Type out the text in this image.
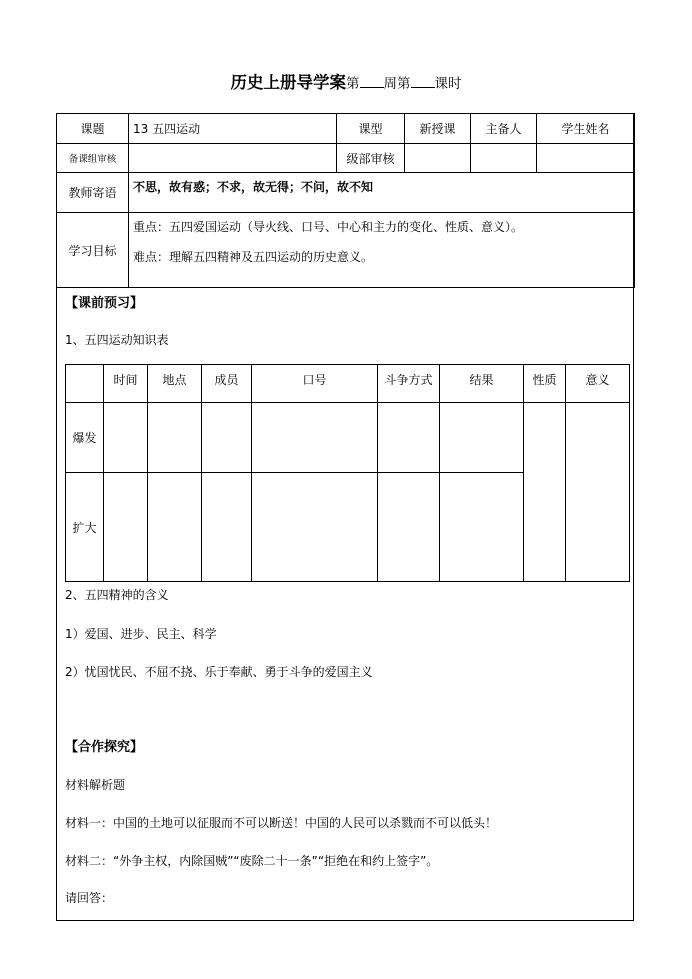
历史上册导学案第 周第 课时
课题	13 五四运动	课型	新授课	主备人	学生姓名
备课组审核		级部审核			
教师寄语	不思，故有惑；不求，故无得；不问，故不知				
学习目标	重点：五四爱国运动（导火线、口号、中心和主力的变化、性质、意义）。
难点：理解五四精神及五四运动的历史意义。				
【课前预习】
1、五四运动知识表
	时间	地点	成员	口号	斗争方式	结果	性质	意义
爆发								
扩大								
2、五四精神的含义
1）爱国、进步、民主、科学
2）忧国忧民、不屈不挠、乐于奉献、勇于斗争的爱国主义
【合作探究】
材料解析题
材料一：中国的土地可以征服而不可以断送！中国的人民可以杀戮而不可以低头！
材料二：“外争主权，内除国贼”“废除二十一条”“拒绝在和约上签字”。
请回答：
